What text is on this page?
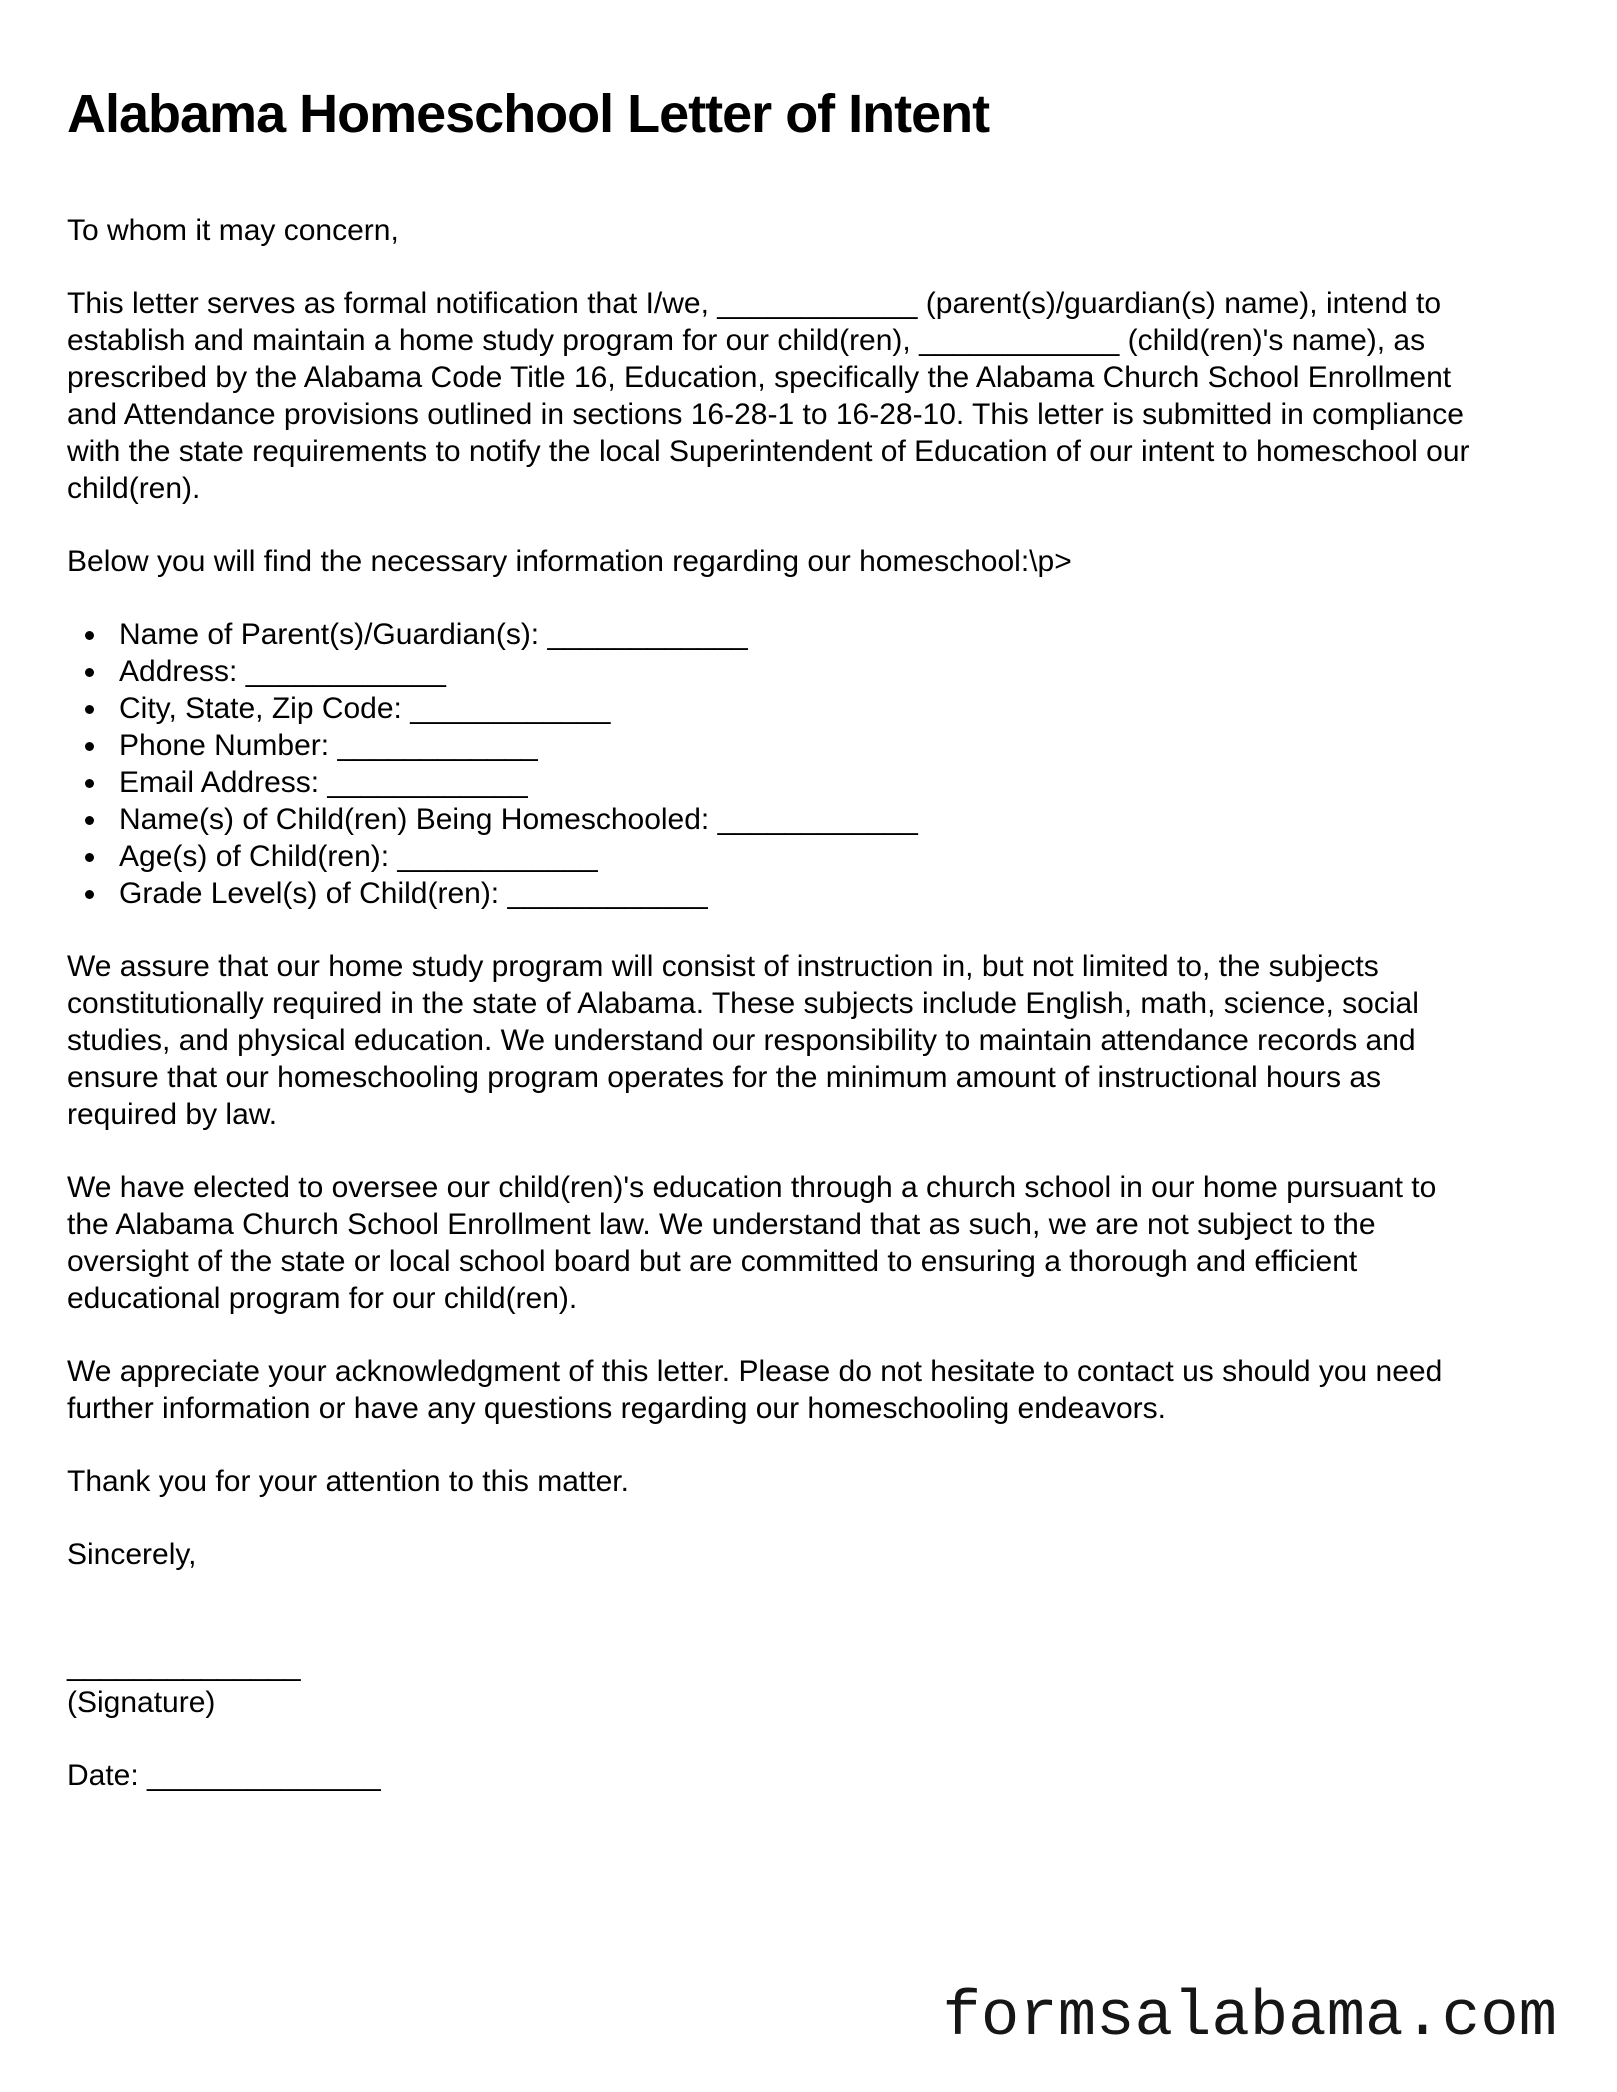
Alabama Homeschool Letter of Intent

To whom it may concern,

This letter serves as formal notification that I/we, ____________ (parent(s)/guardian(s) name), intend to establish and maintain a home study program for our child(ren), ____________ (child(ren)'s name), as prescribed by the Alabama Code Title 16, Education, specifically the Alabama Church School Enrollment and Attendance provisions outlined in sections 16-28-1 to 16-28-10. This letter is submitted in compliance with the state requirements to notify the local Superintendent of Education of our intent to homeschool our child(ren).

Below you will find the necessary information regarding our homeschool:\p>

• Name of Parent(s)/Guardian(s): ____________
• Address: ____________
• City, State, Zip Code: ____________
• Phone Number: ____________
• Email Address: ____________
• Name(s) of Child(ren) Being Homeschooled: ____________
• Age(s) of Child(ren): ____________
• Grade Level(s) of Child(ren): ____________

We assure that our home study program will consist of instruction in, but not limited to, the subjects constitutionally required in the state of Alabama. These subjects include English, math, science, social studies, and physical education. We understand our responsibility to maintain attendance records and ensure that our homeschooling program operates for the minimum amount of instructional hours as required by law.

We have elected to oversee our child(ren)'s education through a church school in our home pursuant to the Alabama Church School Enrollment law. We understand that as such, we are not subject to the oversight of the state or local school board but are committed to ensuring a thorough and efficient educational program for our child(ren).

We appreciate your acknowledgment of this letter. Please do not hesitate to contact us should you need further information or have any questions regarding our homeschooling endeavors.

Thank you for your attention to this matter.

Sincerely,

______________
(Signature)

Date: ______________

formsalabama.com
